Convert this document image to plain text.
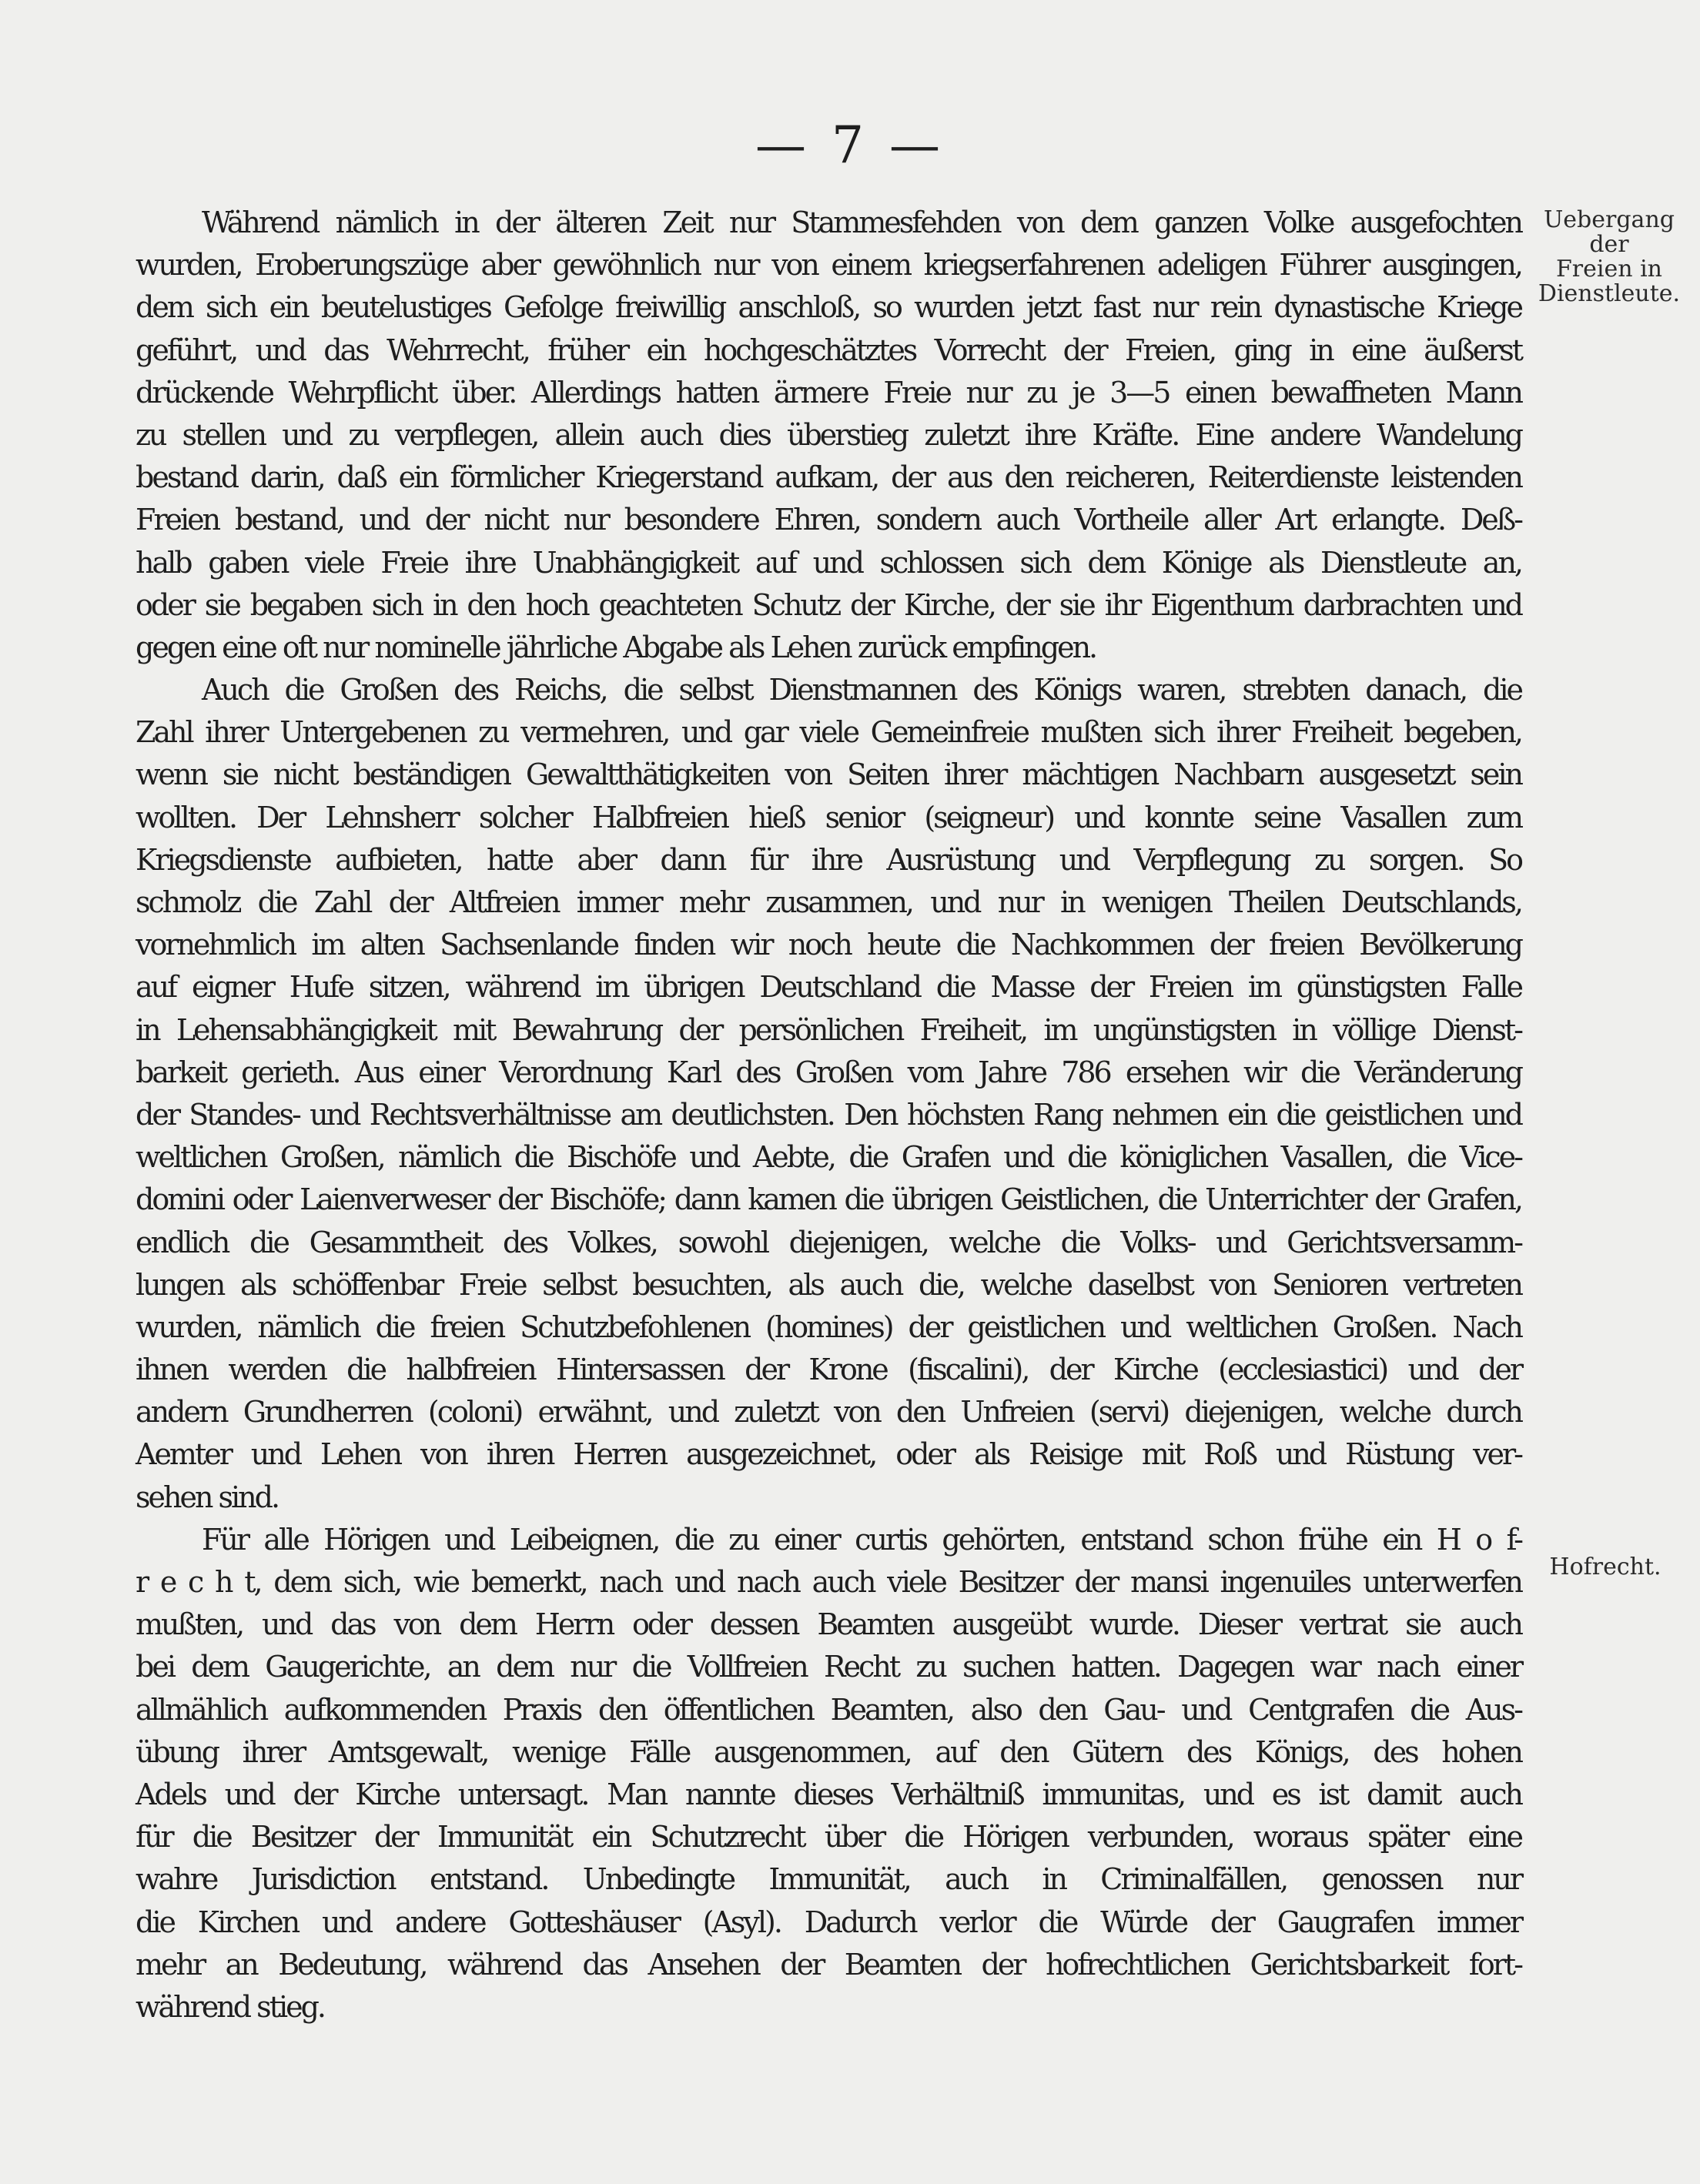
— 7 —
Während nämlich in der älteren Zeit nur Stammesfehden von dem ganzen Volke ausgefochten
wurden, Eroberungszüge aber gewöhnlich nur von einem kriegserfahrenen adeligen Führer ausgingen,
dem sich ein beutelustiges Gefolge freiwillig anschloß, so wurden jetzt fast nur rein dynastische Kriege
geführt, und das Wehrrecht, früher ein hochgeschätztes Vorrecht der Freien, ging in eine äußerst
drückende Wehrpflicht über. Allerdings hatten ärmere Freie nur zu je 3—5 einen bewaffneten Mann
zu stellen und zu verpflegen, allein auch dies überstieg zuletzt ihre Kräfte. Eine andere Wandelung
bestand darin, daß ein förmlicher Kriegerstand aufkam, der aus den reicheren, Reiterdienste leistenden
Freien bestand, und der nicht nur besondere Ehren, sondern auch Vortheile aller Art erlangte. Deß-
halb gaben viele Freie ihre Unabhängigkeit auf und schlossen sich dem Könige als Dienstleute an,
oder sie begaben sich in den hoch geachteten Schutz der Kirche, der sie ihr Eigenthum darbrachten und
gegen eine oft nur nominelle jährliche Abgabe als Lehen zurück empfingen.
Auch die Großen des Reichs, die selbst Dienstmannen des Königs waren, strebten danach, die
Zahl ihrer Untergebenen zu vermehren, und gar viele Gemeinfreie mußten sich ihrer Freiheit begeben,
wenn sie nicht beständigen Gewaltthätigkeiten von Seiten ihrer mächtigen Nachbarn ausgesetzt sein
wollten. Der Lehnsherr solcher Halbfreien hieß senior (seigneur) und konnte seine Vasallen zum
Kriegsdienste aufbieten, hatte aber dann für ihre Ausrüstung und Verpflegung zu sorgen. So
schmolz die Zahl der Altfreien immer mehr zusammen, und nur in wenigen Theilen Deutschlands,
vornehmlich im alten Sachsenlande finden wir noch heute die Nachkommen der freien Bevölkerung
auf eigner Hufe sitzen, während im übrigen Deutschland die Masse der Freien im günstigsten Falle
in Lehensabhängigkeit mit Bewahrung der persönlichen Freiheit, im ungünstigsten in völlige Dienst-
barkeit gerieth. Aus einer Verordnung Karl des Großen vom Jahre 786 ersehen wir die Veränderung
der Standes- und Rechtsverhältnisse am deutlichsten. Den höchsten Rang nehmen ein die geistlichen und
weltlichen Großen, nämlich die Bischöfe und Aebte, die Grafen und die königlichen Vasallen, die Vice-
domini oder Laienverweser der Bischöfe; dann kamen die übrigen Geistlichen, die Unterrichter der Grafen,
endlich die Gesammtheit des Volkes, sowohl diejenigen, welche die Volks- und Gerichtsversamm-
lungen als schöffenbar Freie selbst besuchten, als auch die, welche daselbst von Senioren vertreten
wurden, nämlich die freien Schutzbefohlenen (homines) der geistlichen und weltlichen Großen. Nach
ihnen werden die halbfreien Hintersassen der Krone (fiscalini), der Kirche (ecclesiastici) und der
andern Grundherren (coloni) erwähnt, und zuletzt von den Unfreien (servi) diejenigen, welche durch
Aemter und Lehen von ihren Herren ausgezeichnet, oder als Reisige mit Roß und Rüstung ver-
sehen sind.
Für alle Hörigen und Leibeignen, die zu einer curtis gehörten, entstand schon frühe ein H o f-
r e c h t, dem sich, wie bemerkt, nach und nach auch viele Besitzer der mansi ingenuiles unterwerfen
mußten, und das von dem Herrn oder dessen Beamten ausgeübt wurde. Dieser vertrat sie auch
bei dem Gaugerichte, an dem nur die Vollfreien Recht zu suchen hatten. Dagegen war nach einer
allmählich aufkommenden Praxis den öffentlichen Beamten, also den Gau- und Centgrafen die Aus-
übung ihrer Amtsgewalt, wenige Fälle ausgenommen, auf den Gütern des Königs, des hohen
Adels und der Kirche untersagt. Man nannte dieses Verhältniß immunitas, und es ist damit auch
für die Besitzer der Immunität ein Schutzrecht über die Hörigen verbunden, woraus später eine
wahre Jurisdiction entstand. Unbedingte Immunität, auch in Criminalfällen, genossen nur
die Kirchen und andere Gotteshäuser (Asyl). Dadurch verlor die Würde der Gaugrafen immer
mehr an Bedeutung, während das Ansehen der Beamten der hofrechtlichen Gerichtsbarkeit fort-
während stieg.
Uebergang der
Freien in
Dienstleute.
Hofrecht.
